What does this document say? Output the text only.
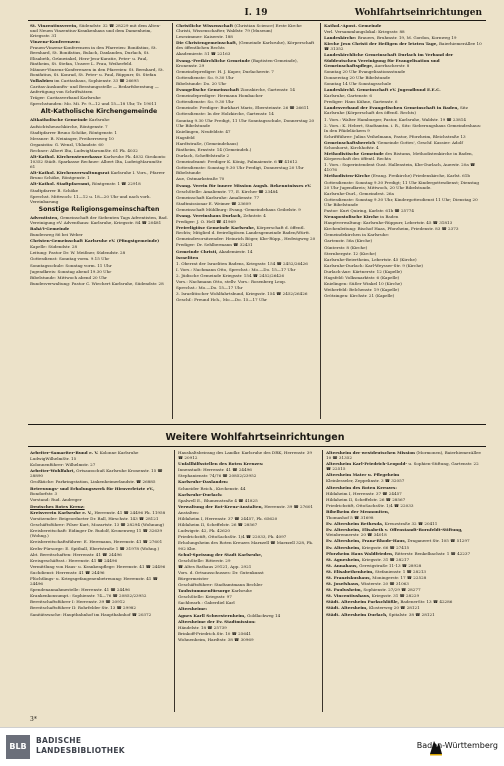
I. 19	Wohlfahrtseinrichtungen

St. Vinzentiusverein, Südendstr. 32 ☎ 28229 mit dem Alten- und Neuen Vinzentius-Krankenhaus und dem Damenheim, Kriegsstr. 31

Vinzenz-Konferenzen:

Frauen-Vinzenz-Konferenzen in den Pfarreien: Bonifatius, St. Bernhard, St. Bonifatius, Bulach, Daxlanden, Durlach, St. Elisabeth, Grünwinkel, Herz-Jesu-Kuratie, Peter- u. Paul, Rintheim, St. Stefan, Unsere L. Frau, Weiherfeld.

Männer-Vinzenz-Konferenzen in den Pfarreien: St. Bernhard, St. Bonifatius, St. Konrad, St. Peter- u. Paul, Rüppurr, St. Stefan

Volksbüro im Caritashaus, Sophienstr. 33 ☎ 26695

Caritas-Auskunfts- und Beratungsstelle — Bedarfsberatung — Anfertigung von Schriftsätzen

Träger: Caritasverband Karlsruhe

Sprechstunden: Mo. Mi. Fr. 9—12 und 15—18 Uhr, Tr. 19011

Alt-Katholische Kirchengemeinde

Altkatholische Gemeinde Karlsruhe

Aufsichtsheuschkirche, Röntgenstr. 7

Stadtpfarrer Bruno Schöke, Röntgenstr. 1

Messner: B. Neininger, Freiherrsweg 10

Organistin: G. Wenzl, Uhlandstr. 60

Rechner: Albert Ilta, LudwigMarumStr. 61 Pk. 4032

Alt-Kathol. Kirchensteuerkasse Karlsruhe Pk. 4032 Girokonto 10352 Städt. Sparkasse Rechner: Albert Ilta, LudwigMarumStr. 61

Alt-Kathol. Kirchenverwaltungsrat Karlsruhe I. Vors., Pfarrer Bruno Schöke, Röntgenstr. 1

Alt-Kathol. Stadtpfarramt, Röntgenstr. 1 ☎ 22918

Stadtpfarrer B. Schöke

Sprechst. Mittwoch: 11—12 u. 18—20 Uhr und nach vorh. Vereinbarung

Sonstige Religionsgemeinschaften

Adventisten, Gemeinschaft der Siebenten Tags Adventisten, Bad. Vereinigung eV. Adventhaus: Karlsruhe, Kriegsstr. 84 ☎ 20481

Bahá'i-Gemeinde

Bundesweg 86 bei Weber

Christen-Gemeinschaft Karlsruhe eV. (Pfingstgemeinde)

Kapelle: Südendstr. 28

Leitung: Pastor Dr. W. Meißner, Südendstr. 28

Gottesdienst: Sonntag vorm. 9.15 Uhr

Sonntagsschule: Sonntag vorm. 11 Uhr

Jugendkreis: Sonntag abend 19.30 Uhr

Bibelstunde: Mittwoch abend 20 Uhr

Bundesverwaltung: Pastor C. Wiechert Karlsruhe, Südendstr. 28

Christliche Wissenschaft (Christian Science) Erste Kirche Christi, Wissenschafter, Waldstr. 79 (Museum)

Lesezimmer: Kaiserstr. 188

Die Christengemeinschaft, (Gemeinde Karlsruhe), Körperschaft des öffentlichen Rechts

Akademiestr. 51 ☎ 22163

Evang.-Freikirchliche Gemeinde (Baptisten-Gemeinde), Kronenstr. 29

Gemeindeprediger: H. J. Kuper, Durlacherstr. 7

Gottesdienste: So. 9.30 Uhr

Bibelstunde: Do. 20 Uhr

Evangelische Gemeinschaft Zionskirche, Gartenstr. 14

Gemeindeprediger: Hermann Hombacher

Gottesdienste: So. 9.30 Uhr

Gemeinde: Prediger: Burkhart Maris, Ebersteinstr. 26 ☎ 26611

Gottesdienste: In der Holzkirche, Gartenstr. 14

Sonntag 9.30 Uhr Predigt, 11 Uhr Sonntagsschule, Donnerstag 20 Uhr Bibelstunde

Knielingen, Neufeldstr. 47

Hagsfeld

Hardtstraße, (Gemeindehaus)

Rintheim, Ernststr. 14 (Gemeindeh.)

Durlach, Scheffelstraße 2

Gemeindeamt: Prediger K. König, Palmaienstr. 6 ☎ 41612

Gottesdienste: Sonntag 9.30 Uhr Predigt, Donnerstag 20 Uhr Bibelstunde

Aue, Ostmarkstraße 70

Evang. Verein für innere Mission Augsb. Bekenntnisses eV.

GeschStelle: Amalienstr. 77, E. Kircher ☎ 23484

Gemeinschaft Karlsruhe: Amalienstr. 77

Stadtmissionar E. Weimer ☎ 23609

Gemeinschaft Mühlburg: Evang.-Gemeindehaus Geibelstr. 9

Evang. Vereinshaus Durlach, Zehntstr. 4

Prediger: J. O. Hell ☎ 41969

Freireligiöse Gemeinde Karlsruhe, Körperschaft d. öffentl. Rechts; Mitglied d. freireligiösen Landesgemeinde Baden/Württ.

Gemeindevorsitzender: Heinrich Böger, Kbe-Rüpp., Hedwigweg 20

Prediger: Dr. Sehlbermann ☎ 32431

Gemeinde Christi, Akademiestr. 14

Israeliten

1. Oberrat der Israeliten Badens, Kriegsstr. 154 ☎ 2452/26426

I. Vors.: Nachmann Otto, Sprechst.: Mo.—Do. 15—17 Uhr

2. Jüdische Gemeinde Kriegsstr. 154 ☎ 2452/26426

Vors.: Nachmann Otto, stellv. Vors.: Rosenberg Leop.

Sprechst.: Mo.—Do. 15—17 Uhr

3. Israelitischer Wohlfahrtsbund, Kriegsstr. 154 ☎ 2452/26426

Geschf.: Freund Hch., Mo.—Do. 15—17 Uhr

Kathol.-Apost. Gemeinde

Verl. Versammlungslokal: Kriegsstr. 88

Landeskirche: Brauers, Bruhmstr. 19, M. Gordon, Kornweg 19

Kirche Jesu Christi der Heiligen der letzten Tage, BaierhiemerAllee 10 ☎ 31352

Landeskirchliche Gemeinschaft Durlach im Verband der Süddeutschen Vereinigung für Evangelisation und Gemeinschaftspflege, Auerbacherstr. 8

Sonntag 20 Uhr Evangelisationsstunde

Donnerstag 20 Uhr Bibelstunde

Sonntag 14 Uhr Sonntagsschule

Landeskirchl. Gemeinschaft eV. Jugendbund E.E.C.

Karlsruhe, Gartenstr. 6

Prediger: Hans Kühne, Gartenstr. 6

Landesverband der Evangelischen Gemeinschaft in Baden, Sitz Karlsruhe (Körperschaft des öffentl. Rechts)

1. Vors.: Walter Hamburger, Pastor, Karlsruhe, Waldstr. 19 ☎ 23814

2. Vors.: K. Hebert, Stadtamtm. i. R., Sitz: Sieberungshaus Gemeindeshaus: In den Pfädeläckern 9

Schriftführer: Julius Veihelmann, Pastor, Pforzheim, Bleichstraße 13

Gemeinschaftsbereich 'Gemeinde Gottes', Geschf. Kassier: Adolf Schonhorst, Kirchhofstr. 4

Methodistische Gemeinde des Bistums, Methodistenkirche in Baden, Körperschaft des öffentl. Rechts

1. Vors.: Superintendent Gust. Hallenstein, Kbe-Durlach, Auerstr. 20a ☎ 41076

Methodisten-Kirche (Evang. Freikirche) Friedenskirche, Karlst. 61b

Gottesdienste: Sonntag 9.30 Predigt; 11 Uhr Kindergottesdienst; Dienstag 20 Uhr Jugendkreis; Mittwoch, 20 Uhr Bibelstunde.

Karlsruhe-Durl., Gemeindest. 26a

Gottesdienste: Sonntag 9.30 Uhr, Kindergottesdienst 11 Uhr; Dienstag 20 Uhr Bibelstunde

Pastor: Kurt Quiring, Karlstr. 61b ☎ 25774

Neuapostolische Kirche in Baden

Hauptverwaltung: Karlsruhe-Rüppurr, Lebertstr. 45 ☎ 31813

Kirchenleitung: Bischof Haas, Pforzheim, Friedenstr. 83 ☎ 2373

Gemeindekirchen in Karlsruhe:

Gartenstr. 56a (Kirche)

Günterstr. 8 (Kirche)

Sternbergstr. 12 (Kirche)

Karlsruhe-Beiertheim, Lebertstr. 45 (Kirche)

Karlsruhe-Durlach: Karl-Weysser-Str. 9 (Kirche)

Durlach-Aue: Kärtnerstr. 12 (Kapelle)

Hagsfeld: Volksmarktstr. 6 (Kapelle)

Knielingen: Süßer Winkel 10 (Kirche)

Weiherfeld: Belchenstr. 19 (Kapelle)

Grötzingen: Kirchstr. 21 (Kapelle)

Weitere Wohlfahrtseinrichtungen

Arbeiter-Samariter-Bund e. V. Kolonne Karlsruhe

LudwigWilhelmStr. 15

Kolonnenführer: Wilhelmstr. 27

Arbeiter-Wohlfahrt, Ortsausschuß Karlsruhe Kronenstr. 15 ☎ 28890

Großküche: Parkringstation, Linkenheimerlandstr. ☎ 26885

Betreuungs- und Erholungswerk für Hirnverletzte eV., Bondorfstr. 3

Vorstand: Rud. Andreger

Deutsches Rotes Kreuz:

Kreisverein Karlsruhe e. V., Herrenstr. 41 ☎ 24496 Pk. 11958

Vorsitzender: Beigeordneter Dr. Ball, Hirschstr. 143 ☎ 28121

Geschäftsführer: Filser Kurt, Mozartstr. 13 ☎ 28294 (Wohnung)

Kreisbereitschaft: Eidinger Dr. Rudolf, Kronenweg 11 ☎ 32639 (Wohng.)

Kreisbereitschaftsführer: E. Herrmann, Herrenstr. 41 ☎ 27601

Krebs-Fürsorge: E. Spitball, Ebertstraße 1 ☎ 31978 (Wohng.)

Abt. Bereitschaften: Herrenstr. 41 ☎ 24496

Kreisgeschäftsst.: Herrenstr. 41 ☎ 24496

Vermittlung von Haus- u. Krankenpflege: Herrenstr. 41 ☎ 24496

Suchdienst: Herrenstr. 41 ☎ 24496

Flüchtlings- u. Kriegsgefangenenbetreuung: Herrenstr. 41 ☎ 24496

Spendenannahmestelle: Herrenstr. 41 ☎ 24496

Krankenkonsumpt.: Sophienstr. 74—76 ☎ 20852/23952

Bereitschaftsführer I: Herrenstr. 39 ☎ 20912

Bereitschaftsführer II: Rohrfelder Str. 13 ☎ 29982

Sanitätswache: Hauptbahnhof im Hauptbahnhof ☎ 20372

Haushaltsbeirang des Landkr. Karlsruhe des DRK, Herrenstr. 39 ☎ 20912

Unfallhilfsstellen des Roten Kreuzes:

Innenstadt: Herrenstr. 41 ☎ 24496

Stephanienstr. 74/76 ☎ 20852/23952

Karlsruhe-Daxlanden:

Schneider Reich., Kirchenstr. 44

Karlsruhe-Durlach:

Spalwell E., Blumenstraße 4 ☎ 41825

Verwaltung der Rot-Kreuz-Anstalten, Herrenstr. 39 ☎ 27601

Anstalten:

Hildaheim I, Herrenstr. 37 ☎ 24457, Pk. 65620

Hildaheim II, Scheffelstr. 26 ☎ 28567

Ludwigstr. 42, Pk. 42620

Friedrichstift, OttoSachsStr. 1/4 ☎ 22033, Pk. 4097

Erholungsheim des Roten Kreuzes Marxzell ☎ Marxzell 328, Pk. 902 Kbe.

Schul-Speisung der Stadt Karlsruhe,

GeschStelle: Ritterstr. 29

☎ Altes Rathaus 29121, App. 2921

Vors. d. Ortsausschusses: Dr. Gutenkunst

Bürgermeister

Geschäftsführer: Stadtamtmann Bechler

Taubstummenfürsorge Karlsruhe

GeschStelle: Kriegsstr. 97

Sachbearb.: Gaberdiel Karl

Altersheime:

Agnes Karll Schwesternheim, Goldlackweg 14

Altersheime der Ev. Stadtmission:

Händelstr. 18 ☎ 25739

Brinkoff-Friedrich.Str. 10 ☎ 25641

Wohnenheim, Hardtstr. 38 ☎ 30969

Altersheim der westdeutschen Mission (Mormonen), BaierhiemerAllee 10 ☎ 31352

Altersheim Karl-Friedrich-Leopold- u. Sophien-Stiftung, Gartenstr. 22 ☎ 22515

Altersheim Mater u. Pflegeheim

Kleinlesseler, Zeppelinstr. 3 ☎ 32057

Altersheim des Roten Kreuzes:

Hildaheim I, Herrenstr. 37 ☎ 24457

Hildaheim II, Scheffelstr. 26 ☎ 28567

Friedrichstift, OttoSachsStr. 1/4 ☎ 22033

Bibelheim der Mennoniten,

Thomashof 5 ☎ 31698

Ev. Altersheim Bethesda, Kreuzstraße 32 ☎ 20411

Ev. Altersheim, Elisabeth v. Offenstandt-Bornfeldt-Stiftung, Weinbrennerstr. 20 ☎ 34018

Ev. Altersheim, Franz-Rhode-Haus, Draganeret Str. 105 ☎ 51297

Ev. Altersheim, Kriegsstr. 66 ☎ 27415

Pforzheim Haus Waldfrieden, Ritterstr. Benkelbachstr. 1 ☎ 42237

St. Agnesheim, Kriegsstr. 31 ☎ 28217

St. Annahaus, Gerwigstraße 11-13 ☎ 28928

St. Elisabethenheim, Stefanienstr. 1 ☎ 28213

St. Franziskushaus, Moningerstr. 17 ☎ 22528

St. Josefshaus, Winterstr. 20 ☎ 31063

St. Paulusheim, Sophienstr. 27/29 ☎ 28277

St. Vincentiushaus, Kriegsstr. 31 ☎ 28229

Städt. Altersheim Parkschlößle, BadenerStr. 13 ☎ 42286

Städt. Altersheim, Klosterweg 20 ☎ 28121

Städt. Altersheim Durlach, Spitalstr. 38 ☎ 28121

3*
BLB
BADISCHE
LANDESBIBLIOTHEK
Baden-Württemberg
